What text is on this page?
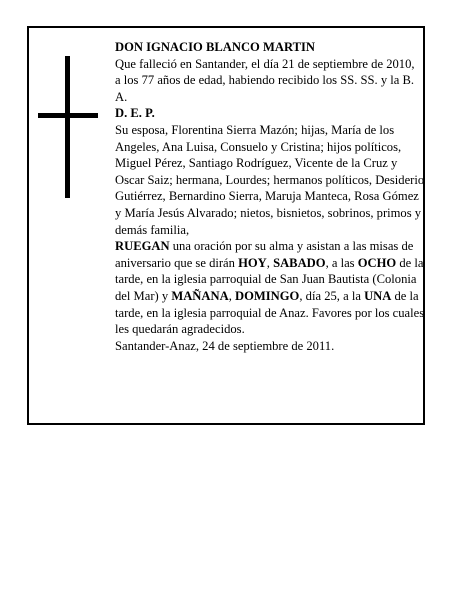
DON IGNACIO BLANCO MARTIN

Que falleció en Santander, el día 21 de septiembre de 2010,

a los 77 años de edad, habiendo recibido los SS. SS. y la B. A.

D. E. P.

Su esposa, Florentina Sierra Mazón; hijas, María de los Angeles, Ana Luisa, Consuelo y Cristina; hijos políticos, Miguel Pérez, Santiago Rodríguez, Vicente de la Cruz y Oscar Saiz; hermana, Lourdes; hermanos políticos, Desiderio Gutiérrez, Bernardino Sierra, Maruja Manteca, Rosa Gómez y María Jesús Alvarado; nietos, bisnietos, sobrinos, primos y demás familia,

RUEGAN una oración por su alma y asistan a las misas de aniversario que se dirán HOY, SABADO, a las OCHO de la tarde, en la iglesia parroquial de San Juan Bautista (Colonia del Mar) y MAÑANA, DOMINGO, día 25, a la UNA de la tarde, en la iglesia parroquial de Anaz. Favores por los cuales les quedarán agradecidos.

Santander-Anaz, 24 de septiembre de 2011.
